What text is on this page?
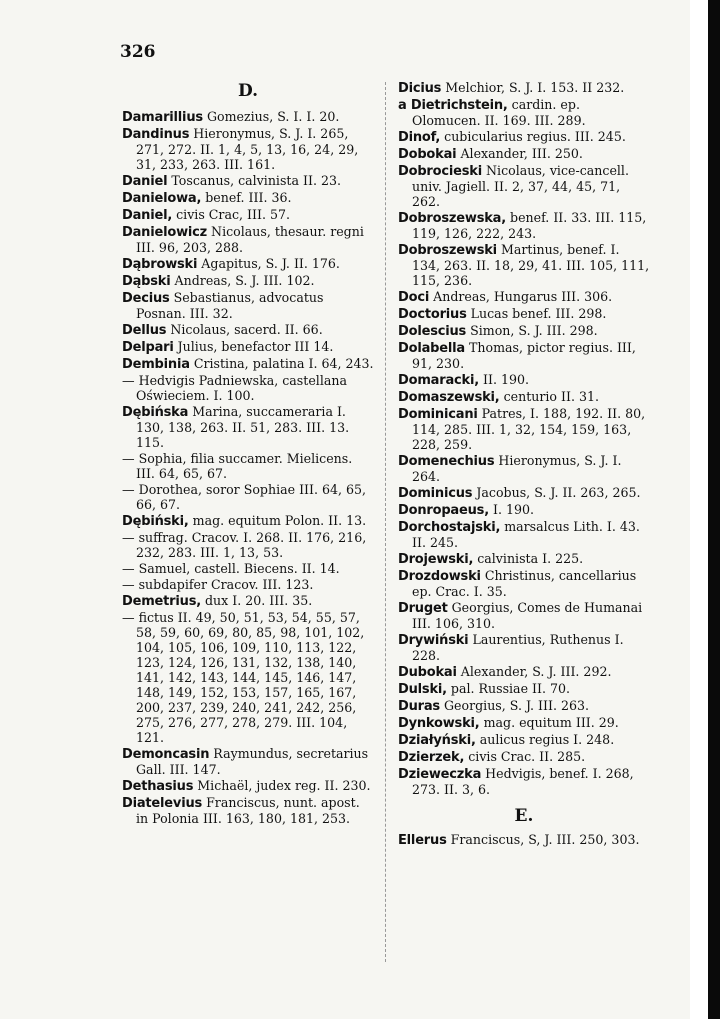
326
D.
Damarillius Gomezius, S. I. I. 20.
Dandinus Hieronymus, S. J. I. 265, 271, 272. II. 1, 4, 5, 13, 16, 24, 29, 31, 233, 263. III. 161.
Daniel Toscanus, calvinista II. 23.
Danielowa, benef. III. 36.
Daniel, civis Crac, III. 57.
Danielowicz Nicolaus, thesaur. regni III. 96, 203, 288.
Dąbrowski Agapitus, S. J. II. 176.
Dąbski Andreas, S. J. III. 102.
Decius Sebastianus, advocatus Posnan. III. 32.
Dellus Nicolaus, sacerd. II. 66.
Delpari Julius, benefactor III 14.
Dembinia Cristina, palatina I. 64, 243.
— Hedvigis Padniewska, castellana Oświeciem. I. 100.
Dębińska Marina, succameraria I. 130, 138, 263. II. 51, 283. III. 13. 115.
— Sophia, filia succamer. Mielicens. III. 64, 65, 67.
— Dorothea, soror Sophiae III. 64, 65, 66, 67.
Dębiński, mag. equitum Polon. II. 13.
— suffrag. Cracov. I. 268. II. 176, 216, 232, 283. III. 1, 13, 53.
— Samuel, castell. Biecens. II. 14.
— subdapifer Cracov. III. 123.
Demetrius, dux I. 20. III. 35.
— fictus II. 49, 50, 51, 53, 54, 55, 57, 58, 59, 60, 69, 80, 85, 98, 101, 102, 104, 105, 106, 109, 110, 113, 122, 123, 124, 126, 131, 132, 138, 140, 141, 142, 143, 144, 145, 146, 147, 148, 149, 152, 153, 157, 165, 167, 200, 237, 239, 240, 241, 242, 256, 275, 276, 277, 278, 279. III. 104, 121.
Demoncasin Raymundus, secretarius Gall. III. 147.
Dethasius Michaël, judex reg. II. 230.
Diatelevius Franciscus, nunt. apost. in Polonia III. 163, 180, 181, 253.
Dicius Melchior, S. J. I. 153. II 232.
a Dietrichstein, cardin. ep. Olomucen. II. 169. III. 289.
Dinof, cubicularius regius. III. 245.
Dobokai Alexander, III. 250.
Dobrocieski Nicolaus, vice-cancell. univ. Jagiell. II. 2, 37, 44, 45, 71, 262.
Dobroszewska, benef. II. 33. III. 115, 119, 126, 222, 243.
Dobroszewski Martinus, benef. I. 134, 263. II. 18, 29, 41. III. 105, 111, 115, 236.
Doci Andreas, Hungarus III. 306.
Doctorius Lucas benef. III. 298.
Dolescius Simon, S. J. III. 298.
Dolabella Thomas, pictor regius. III, 91, 230.
Domaracki, II. 190.
Domaszewski, centurio II. 31.
Dominicani Patres, I. 188, 192. II. 80, 114, 285. III. 1, 32, 154, 159, 163, 228, 259.
Domenechius Hieronymus, S. J. I. 264.
Dominicus Jacobus, S. J. II. 263, 265.
Donropaeus, I. 190.
Dorchostajski, marsalcus Lith. I. 43. II. 245.
Drojewski, calvinista I. 225.
Drozdowski Christinus, cancellarius ep. Crac. I. 35.
Druget Georgius, Comes de Humanai III. 106, 310.
Drywiński Laurentius, Ruthenus I. 228.
Dubokai Alexander, S. J. III. 292.
Dulski, pal. Russiae II. 70.
Duras Georgius, S. J. III. 263.
Dynkowski, mag. equitum III. 29.
Działyński, aulicus regius I. 248.
Dzierzek, civis Crac. II. 285.
Dzieweczka Hedvigis, benef. I. 268, 273. II. 3, 6.
E.
Ellerus Franciscus, S, J. III. 250, 303.
